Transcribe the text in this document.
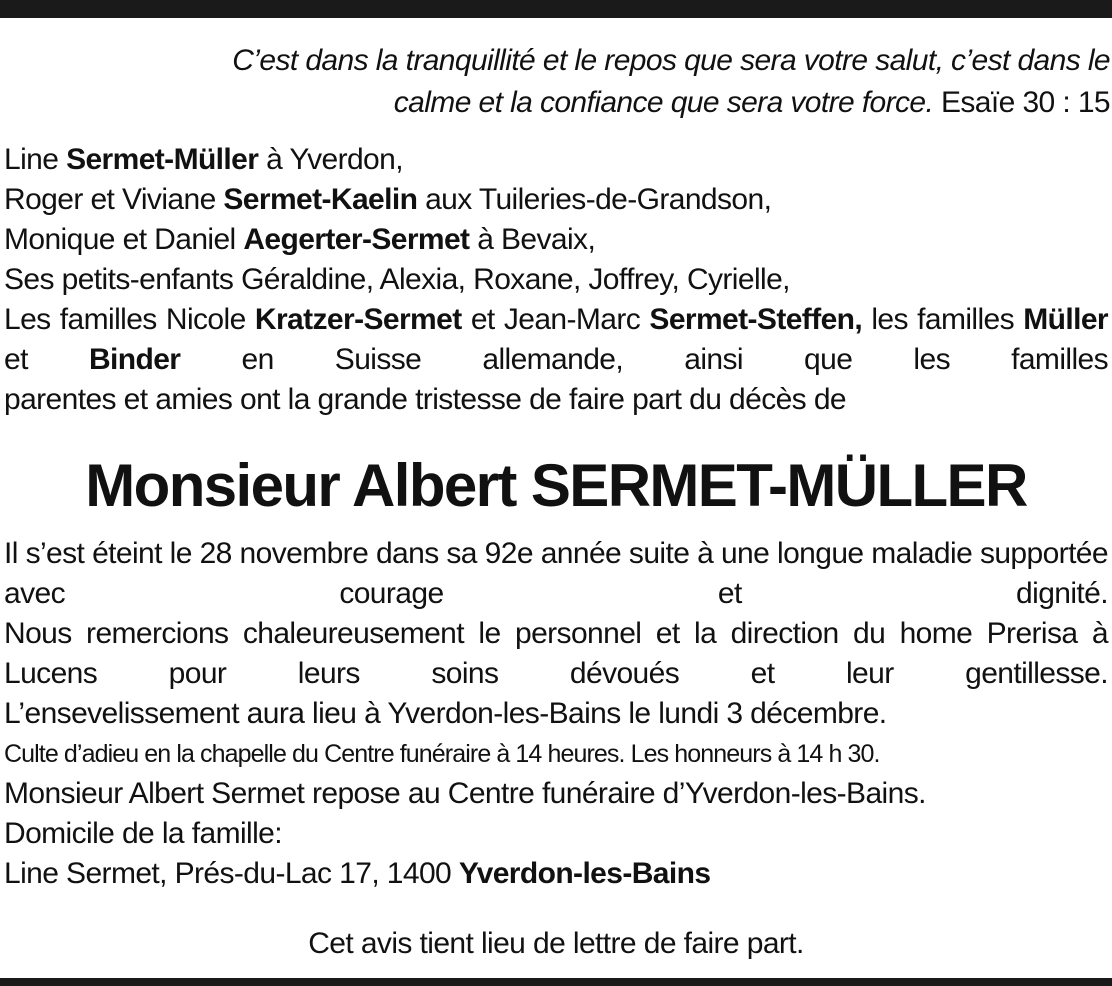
C’est dans la tranquillité et le repos que sera votre salut, c’est dans le
calme et la confiance que sera votre force. Esaïe 30 : 15
Line Sermet-Müller à Yverdon,
Roger et Viviane Sermet-Kaelin aux Tuileries-de-Grandson,
Monique et Daniel Aegerter-Sermet à Bevaix,
Ses petits-enfants Géraldine, Alexia, Roxane, Joffrey, Cyrielle,
Les familles Nicole Kratzer-Sermet et Jean-Marc Sermet-Steffen, les familles Müller et Binder en Suisse allemande, ainsi que les familles
parentes et amies ont la grande tristesse de faire part du décès de
Monsieur Albert SERMET-MÜLLER
Il s’est éteint le 28 novembre dans sa 92e année suite à une longue maladie supportée avec courage et dignité.
Nous remercions chaleureusement le personnel et la direction du home Prerisa à Lucens pour leurs soins dévoués et leur gentillesse.
L’ensevelissement aura lieu à Yverdon-les-Bains le lundi 3 décembre.
Culte d’adieu en la chapelle du Centre funéraire à 14 heures. Les honneurs à 14 h 30.
Monsieur Albert Sermet repose au Centre funéraire d’Yverdon-les-Bains.
Domicile de la famille:
Line Sermet, Prés-du-Lac 17, 1400 Yverdon-les-Bains
Cet avis tient lieu de lettre de faire part.
